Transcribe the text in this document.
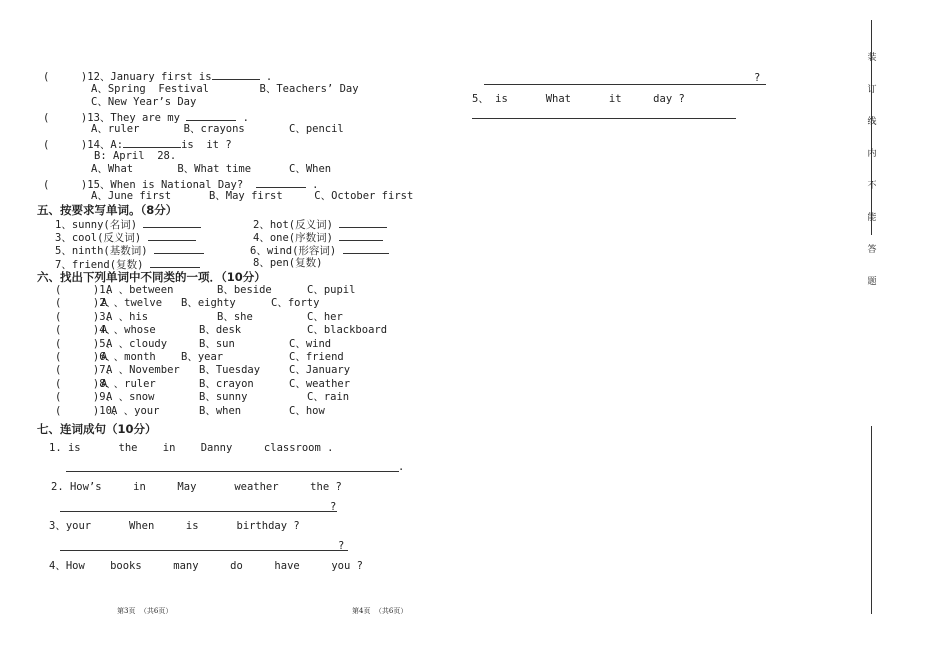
(     )12、January first is	.
A、Spring  Festival        B、Teachers’ Day
C、New Year’s Day
(     )13、They are my	.
A、ruler       B、crayons       C、pencil
(     )14、A:	is  it ?
B: April  28.
A、What       B、What time      C、When
(     )15、When is National Day?	.
A、June first      B、May first     C、October first
五、按要求写单词。（8分）
1、sunny(名词)	2、hot(反义词)
3、cool(反义词)	4、one(序数词)
5、ninth(基数词)	6、wind(形容词)
7、friend(复数)	8、pen(复数)
六、找出下列单词中不同类的一项．（10分）
(     )1、
A 、between	B、beside	C、pupil
(     )2、
A 、twelve B、eighty	C、forty
(     )3、
A 、his	B、she	C、her
(     )4、
A 、whose	B、desk	C、blackboard
(     )5、
A 、cloudy	B、sun	C、wind
(     )6、
A 、month B、year	C、friend
(     )7、
A 、November B、Tuesday	C、January
(     )8、
A 、ruler	B、crayon	C、weather
(     )9、
A 、snow	B、sunny	C、rain
(     )10、
A 、your	B、when	C、how
七、连词成句（10分）
1. is      the    in    Danny     classroom .
.
2. How’s     in     May      weather     the ?
?
3、your      When     is      birthday ?
?
4、How    books     many     do     have     you ?
第3页  （共6页）
?
5、 is      What      it     day ?
第4页  （共6页）
装
订
线
内
不
能
答
题
